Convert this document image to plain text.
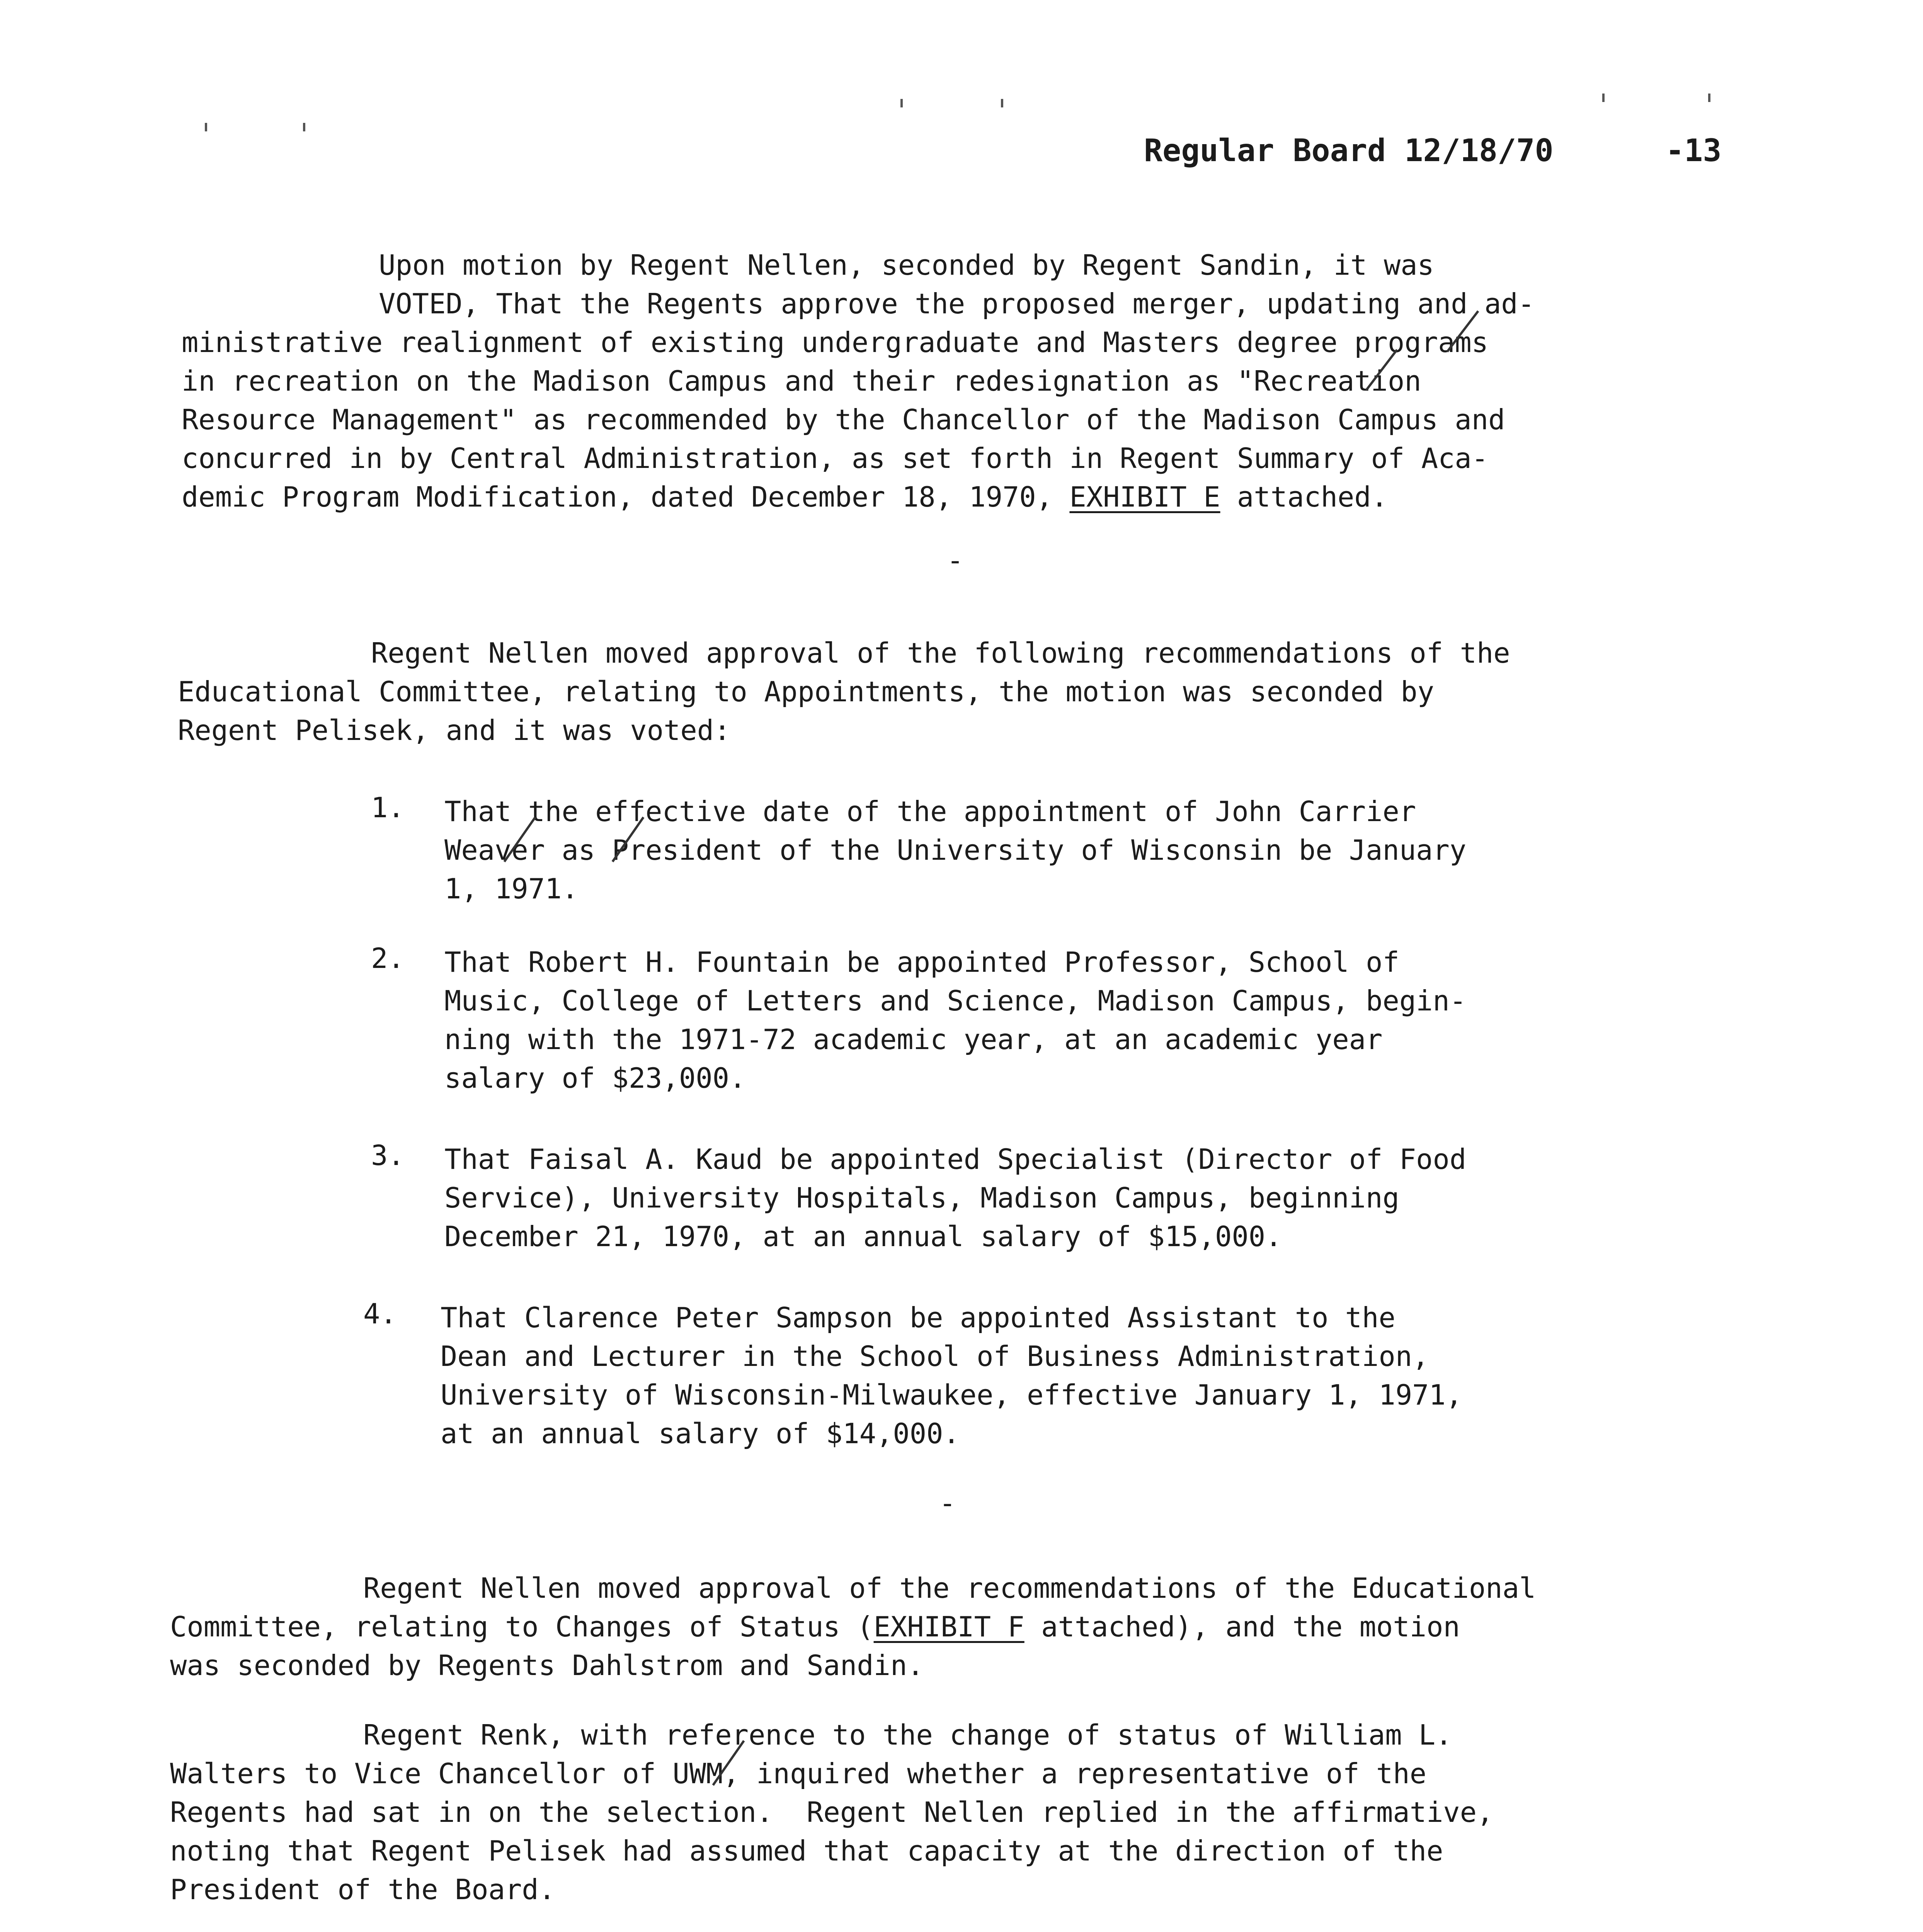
Regular Board 12/18/70	-13
Upon motion by Regent Nellen, seconded by Regent Sandin, it was
VOTED, That the Regents approve the proposed merger, updating and ad-
ministrative realignment of existing undergraduate and Masters degree programs
in recreation on the Madison Campus and their redesignation as "Recreation
Resource Management" as recommended by the Chancellor of the Madison Campus and
concurred in by Central Administration, as set forth in Regent Summary of Aca-
demic Program Modification, dated December 18, 1970, EXHIBIT E attached.
-
Regent Nellen moved approval of the following recommendations of the
Educational Committee, relating to Appointments, the motion was seconded by
Regent Pelisek, and it was voted:
1. That the effective date of the appointment of John Carrier
Weaver as President of the University of Wisconsin be January
1, 1971.
2. That Robert H. Fountain be appointed Professor, School of
Music, College of Letters and Science, Madison Campus, begin-
ning with the 1971-72 academic year, at an academic year
salary of $23,000.
3. That Faisal A. Kaud be appointed Specialist (Director of Food
Service), University Hospitals, Madison Campus, beginning
December 21, 1970, at an annual salary of $15,000.
4. That Clarence Peter Sampson be appointed Assistant to the
Dean and Lecturer in the School of Business Administration,
University of Wisconsin-Milwaukee, effective January 1, 1971,
at an annual salary of $14,000.
-
Regent Nellen moved approval of the recommendations of the Educational
Committee, relating to Changes of Status (EXHIBIT F attached), and the motion
was seconded by Regents Dahlstrom and Sandin.
Regent Renk, with reference to the change of status of William L.
Walters to Vice Chancellor of UWM, inquired whether a representative of the
Regents had sat in on the selection.  Regent Nellen replied in the affirmative,
noting that Regent Pelisek had assumed that capacity at the direction of the
President of the Board.
